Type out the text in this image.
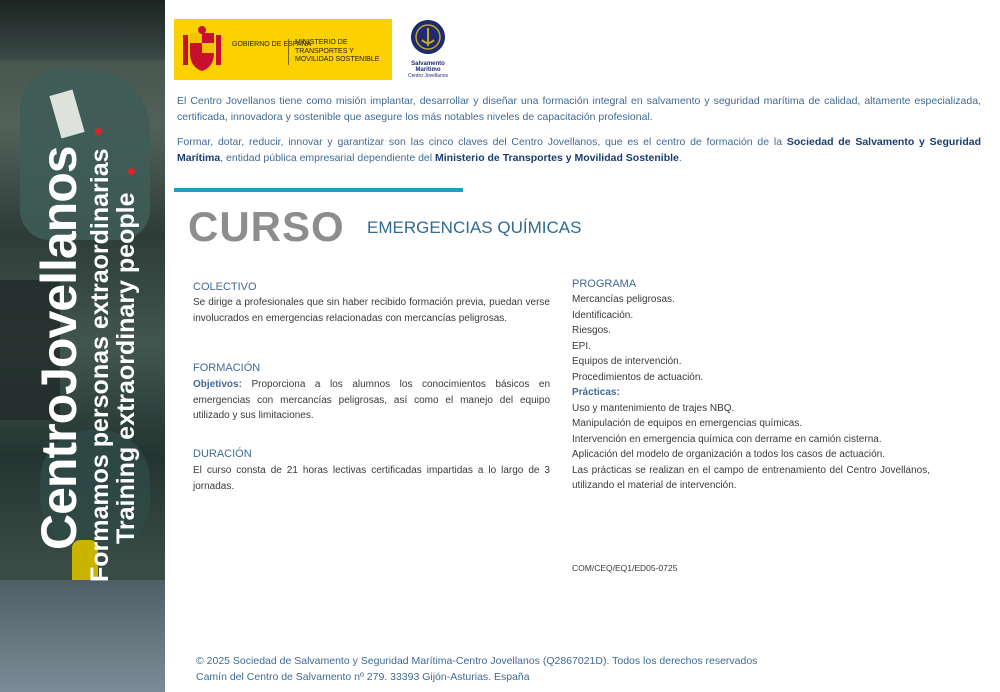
CentroJovellanos Formamos personas extraordinarias
Training extraordinary people
GOBIERNO DE ESPAÑA
MINISTERIO DE TRANSPORTES Y MOVILIDAD SOSTENIBLE
Salvamento Marítimo
Centro Jovellanos
El Centro Jovellanos tiene como misión implantar, desarrollar y diseñar una formación integral en salvamento y seguridad marítima de calidad, altamente especializada, certificada, innovadora y sostenible que asegure los más notables niveles de capacitación profesional.
Formar, dotar, reducir, innovar y garantizar son las cinco claves del Centro Jovellanos, que es el centro de formación de la Sociedad de Salvamento y Seguridad Marítima, entidad pública empresarial dependiente del Ministerio de Transportes y Movilidad Sostenible.
CURSO EMERGENCIAS QUÍMICAS
COLECTIVO
Se dirige a profesionales que sin haber recibido formación previa, puedan verse involucrados en emergencias relacionadas con mercancías peligrosas.
FORMACIÓN
Objetivos: Proporciona a los alumnos los conocimientos básicos en emergencias con mercancías peligrosas, así como el manejo del equipo utilizado y sus limitaciones.
DURACIÓN
El curso consta de 21 horas lectivas certificadas impartidas a lo largo de 3 jornadas.
PROGRAMA
Mercancías peligrosas.
Identificación.
Riesgos.
EPI.
Equipos de intervención.
Procedimientos de actuación.
Prácticas:
Uso y mantenimiento de trajes NBQ.
Manipulación de equipos en emergencias químicas.
Intervención en emergencia química con derrame en camión cisterna.
Aplicación del modelo de organización a todos los casos de actuación.
Las prácticas se realizan en el campo de entrenamiento del Centro Jovellanos, utilizando el material de intervención.
COM/CEQ/EQ1/ED05-0725
© 2025 Sociedad de Salvamento y Seguridad Marítima-Centro Jovellanos (Q2867021D). Todos los derechos reservados
Camín del Centro de Salvamento nº 279. 33393 Gijón-Asturias. España
